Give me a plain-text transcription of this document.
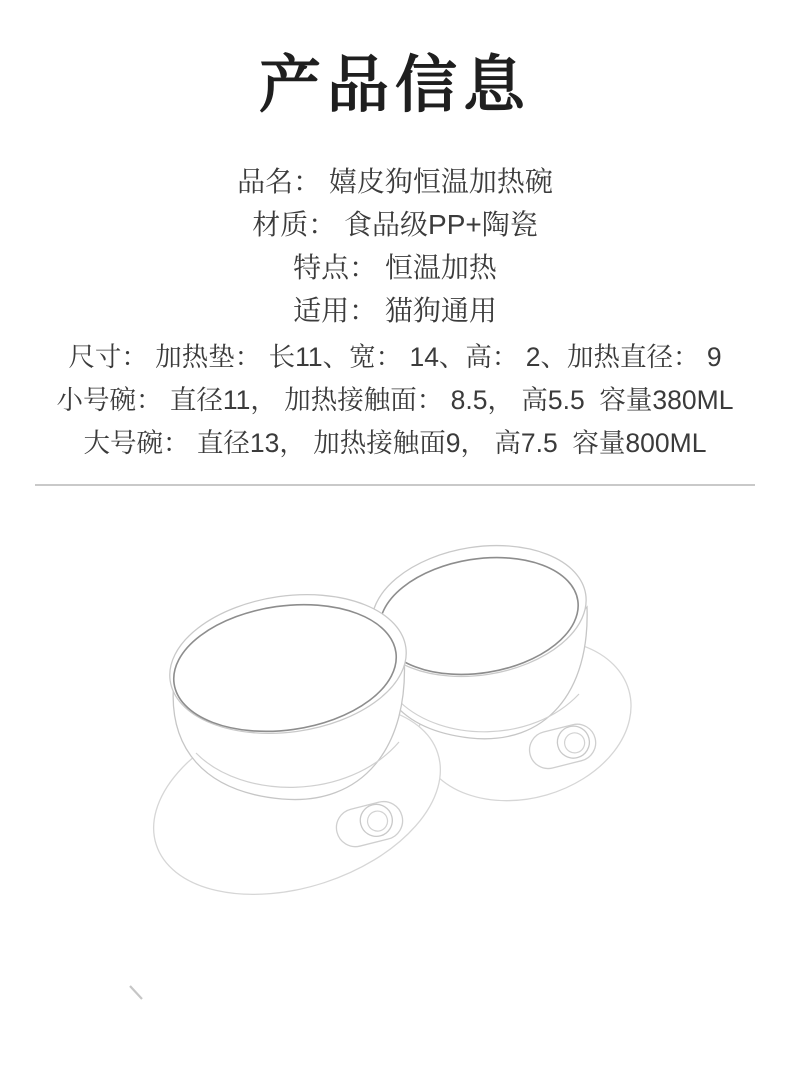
产品信息
品名： 嬉皮狗恒温加热碗
材质： 食品级PP+陶瓷
特点： 恒温加热
适用： 猫狗通用
尺寸： 加热垫： 长11、宽： 14、高： 2、加热直径： 9
小号碗： 直径11， 加热接触面： 8.5， 高5.5  容量380ML
大号碗： 直径13， 加热接触面9， 高7.5  容量800ML
